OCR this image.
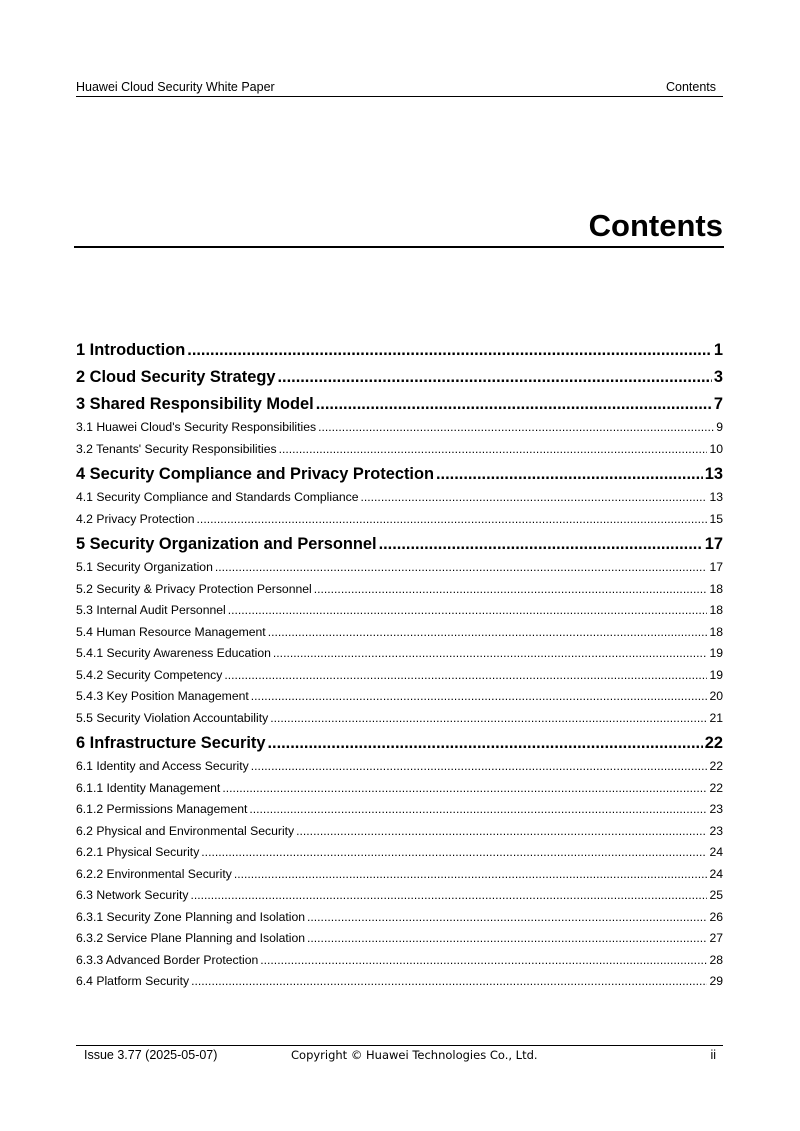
Huawei Cloud Security White Paper	Contents
Contents
1 Introduction .....	1
2 Cloud Security Strategy .....	3
3 Shared Responsibility Model .....	7
3.1 Huawei Cloud's Security Responsibilities .....	9
3.2 Tenants' Security Responsibilities .....	10
4 Security Compliance and Privacy Protection .....	13
4.1 Security Compliance and Standards Compliance .....	13
4.2 Privacy Protection .....	15
5 Security Organization and Personnel .....	17
5.1 Security Organization .....	17
5.2 Security & Privacy Protection Personnel .....	18
5.3 Internal Audit Personnel .....	18
5.4 Human Resource Management .....	18
5.4.1 Security Awareness Education .....	19
5.4.2 Security Competency .....	19
5.4.3 Key Position Management .....	20
5.5 Security Violation Accountability .....	21
6 Infrastructure Security .....	22
6.1 Identity and Access Security .....	22
6.1.1 Identity Management .....	22
6.1.2 Permissions Management .....	23
6.2 Physical and Environmental Security .....	23
6.2.1 Physical Security .....	24
6.2.2 Environmental Security .....	24
6.3 Network Security .....	25
6.3.1 Security Zone Planning and Isolation .....	26
6.3.2 Service Plane Planning and Isolation .....	27
6.3.3 Advanced Border Protection .....	28
6.4 Platform Security .....	29
Issue 3.77 (2025-05-07)	Copyright © Huawei Technologies Co., Ltd.	ii
